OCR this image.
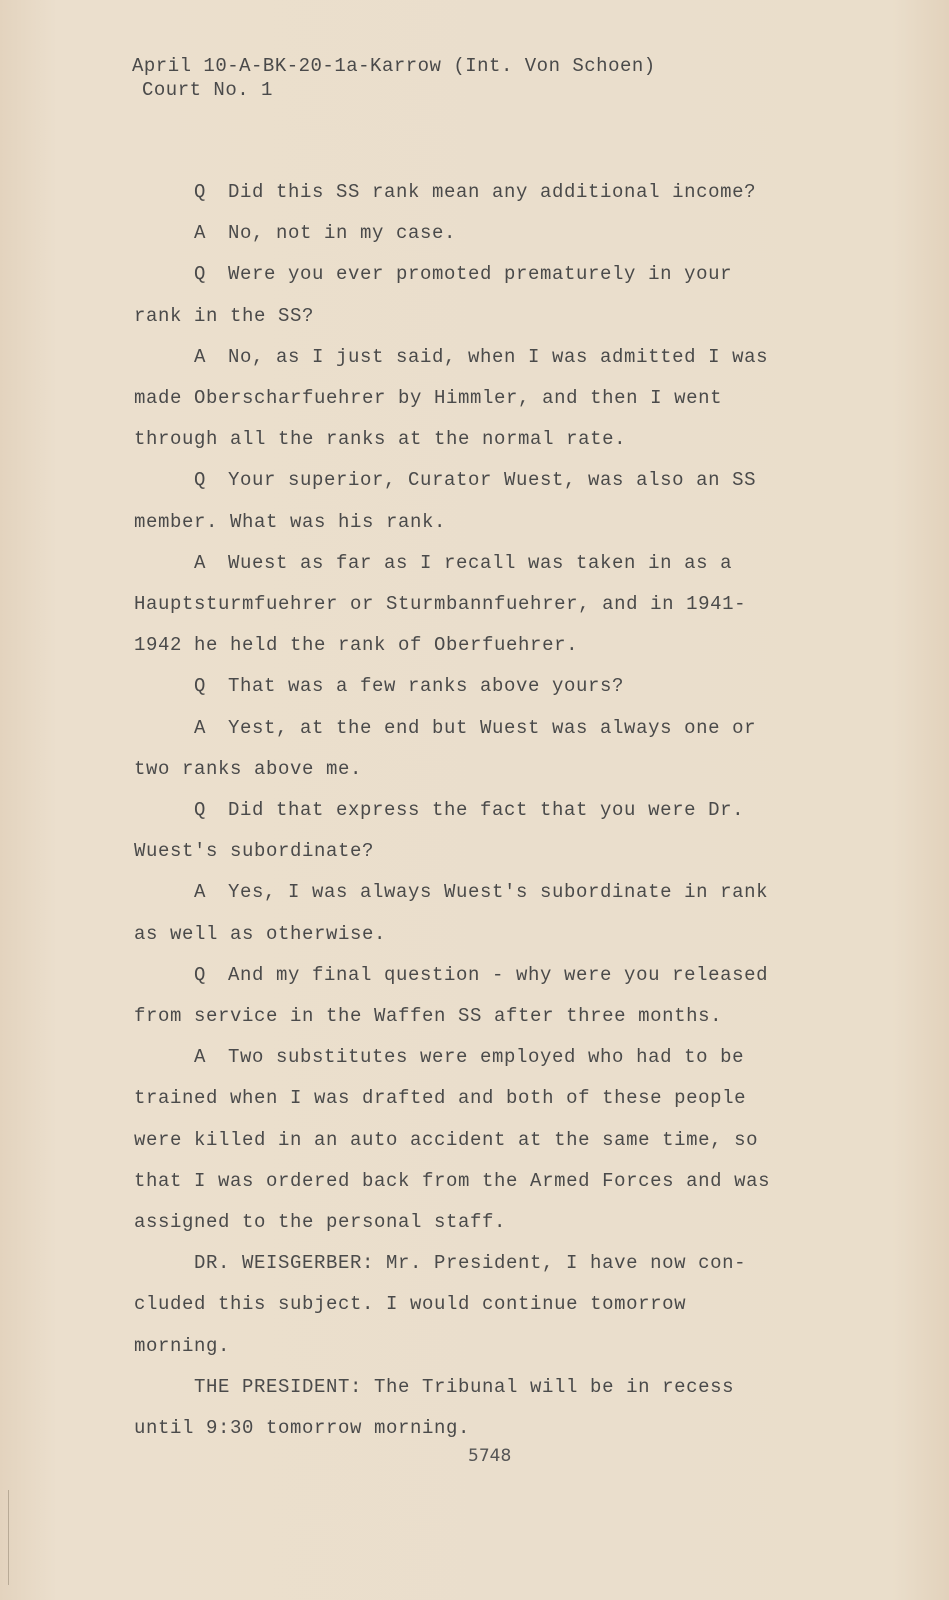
April 10-A-BK-20-1a-Karrow (Int. Von Schoen)
Court No. 1
Q Did this SS rank mean any additional income?
A No, not in my case.
Q Were you ever promoted prematurely in your
rank in the SS?
A No, as I just said, when I was admitted I was
made Oberscharfuehrer by Himmler, and then I went
through all the ranks at the normal rate.
Q Your superior, Curator Wuest, was also an SS
member. What was his rank.
A Wuest as far as I recall was taken in as a
Hauptsturmfuehrer or Sturmbannfuehrer, and in 1941-
1942 he held the rank of Oberfuehrer.
Q That was a few ranks above yours?
A Yest, at the end but Wuest was always one or
two ranks above me.
Q Did that express the fact that you were Dr.
Wuest's subordinate?
A Yes, I was always Wuest's subordinate in rank
as well as otherwise.
Q And my final question - why were you released
from service in the Waffen SS after three months.
A Two substitutes were employed who had to be
trained when I was drafted and both of these people
were killed in an auto accident at the same time, so
that I was ordered back from the Armed Forces and was
assigned to the personal staff.
DR. WEISGERBER: Mr. President, I have now con-
cluded this subject. I would continue tomorrow
morning.
THE PRESIDENT: The Tribunal will be in recess
until 9:30 tomorrow morning.
5748
